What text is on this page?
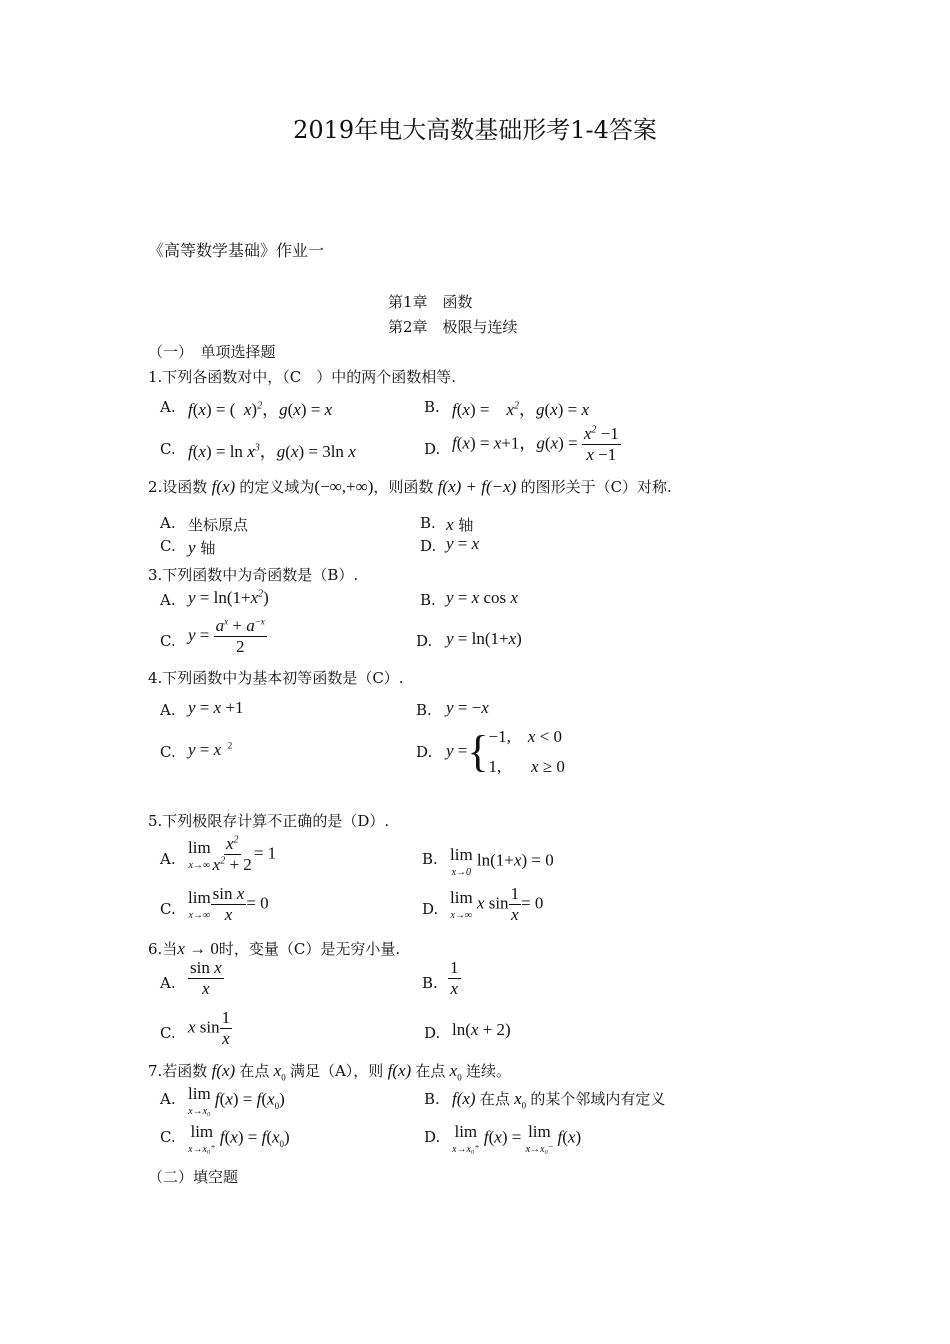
2019年电大高数基础形考1-4答案
《高等数学基础》作业一
第1章　函数
第2章　极限与连续
（一）　单项选择题
1.下列各函数对中，（C　）中的两个函数相等.
A. f(x) = (  x)$^2$，g(x) = x	B. f(x) =    $x^2$，g(x) = x
C. $f(x) = \ln x^3$，g(x) = 3ln x	D. f(x) = x+1，$g(x) = \frac{x^2 -1}{x -1}$
2.设函数 f(x) 的定义域为(−∞,+∞)，则函数 f(x) + f(−x) 的图形关于（C）对称.
A. 坐标原点	B. x 轴
C. y 轴	D. y = x
3.下列函数中为奇函数是（B）.
A. $y = \ln(1+x^2)$	B. y = x cos x
C. $y = \frac{a^x + a^{-x}}{2}$	D. y = ln(1+x)
4.下列函数中为基本初等函数是（C）.
A. y = x +1	B. y = −x
C. y = x  $^2$	D. y ={ −1,    x < 0
1,       x ≥ 0
5.下列极限存计算不正确的是（D）.
A.
lim
$x\to\infty \frac{x^2}{x^2 + 2} = 1$	B. lim
x→0
ln(1+x) = 0
C.
lim
$x\to\infty \frac{\text{sin x}}{x} = 0$	D.
lim
x→∞
x $\sin \frac{1}{x} = 0$
6.当x → 0时，变量（C）是无穷小量.
A. $\frac{\text{sin x}}{x}$	B. $\frac{1}{x}$
C. x $\sin \frac{1}{x}$	D. ln(x + 2)
7.若函数 f(x) 在点 $x_0$ 满足（A），则 f(x) 在点 $x_0$ 连续。
A. lim
x→x₀
$f(x) = f(x_0)$	B. f(x) 在点 $x_0$ 的某个邻域内有定义
C. lim
x→x₀⁺
$f(x) = f(x_0)$	D. lim
x→x₀⁺
f(x) = lim
x→x₀⁻
f(x)
（二）填空题
